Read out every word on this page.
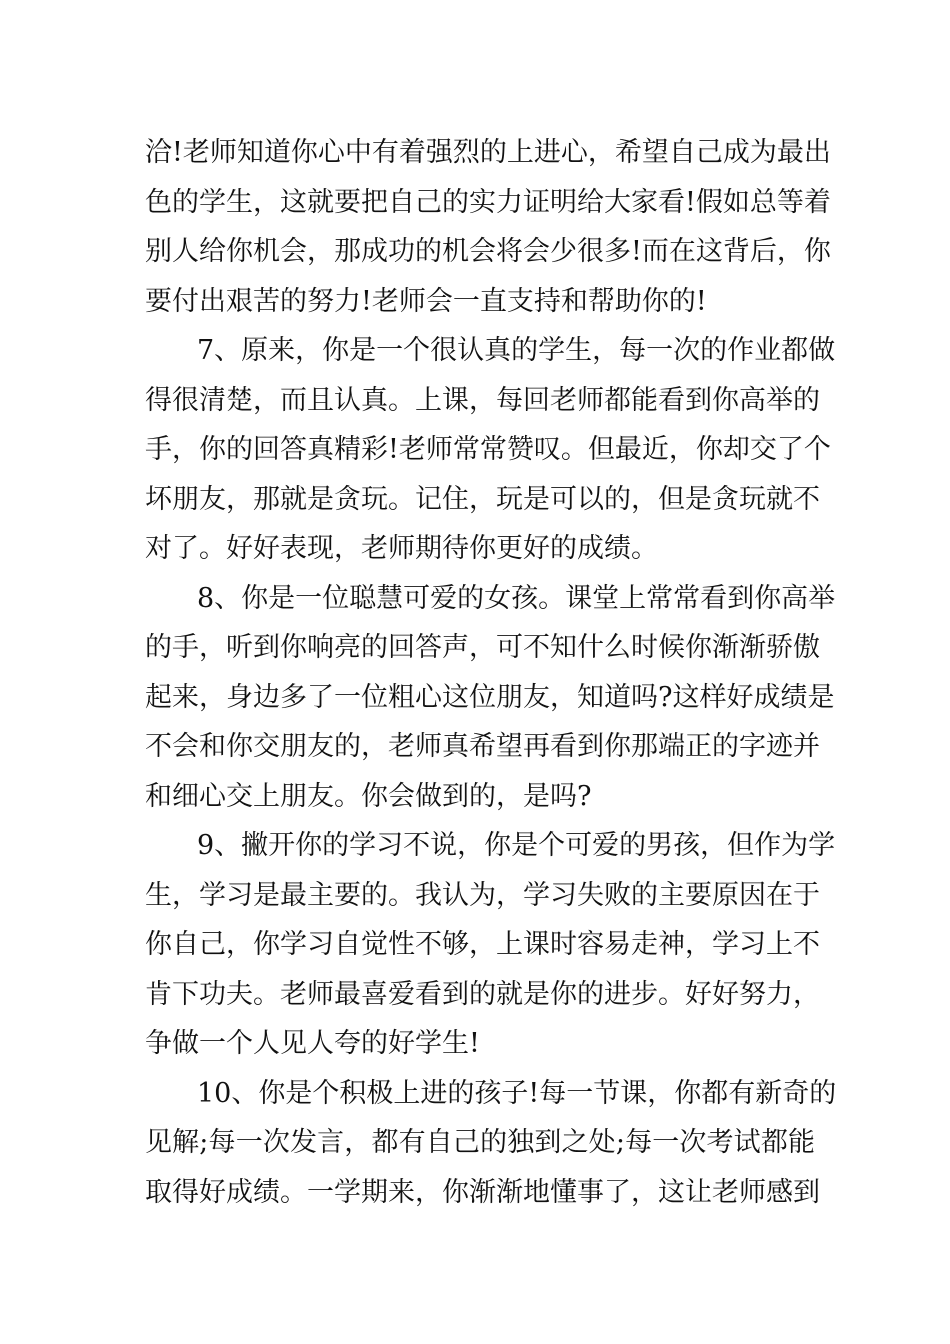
洽!老师知道你心中有着强烈的上进心，希望自己成为最出
色的学生，这就要把自己的实力证明给大家看!假如总等着
别人给你机会，那成功的机会将会少很多!而在这背后，你
要付出艰苦的努力!老师会一直支持和帮助你的!
7、原来，你是一个很认真的学生，每一次的作业都做
得很清楚，而且认真。上课，每回老师都能看到你高举的
手，你的回答真精彩!老师常常赞叹。但最近，你却交了个
坏朋友，那就是贪玩。记住，玩是可以的，但是贪玩就不
对了。好好表现，老师期待你更好的成绩。
8、你是一位聪慧可爱的女孩。课堂上常常看到你高举
的手，听到你响亮的回答声，可不知什么时候你渐渐骄傲
起来，身边多了一位粗心这位朋友，知道吗?这样好成绩是
不会和你交朋友的，老师真希望再看到你那端正的字迹并
和细心交上朋友。你会做到的，是吗?
9、撇开你的学习不说，你是个可爱的男孩，但作为学
生，学习是最主要的。我认为，学习失败的主要原因在于
你自己，你学习自觉性不够，上课时容易走神，学习上不
肯下功夫。老师最喜爱看到的就是你的进步。好好努力，
争做一个人见人夸的好学生!
10、你是个积极上进的孩子!每一节课，你都有新奇的
见解;每一次发言，都有自己的独到之处;每一次考试都能
取得好成绩。一学期来，你渐渐地懂事了，这让老师感到
